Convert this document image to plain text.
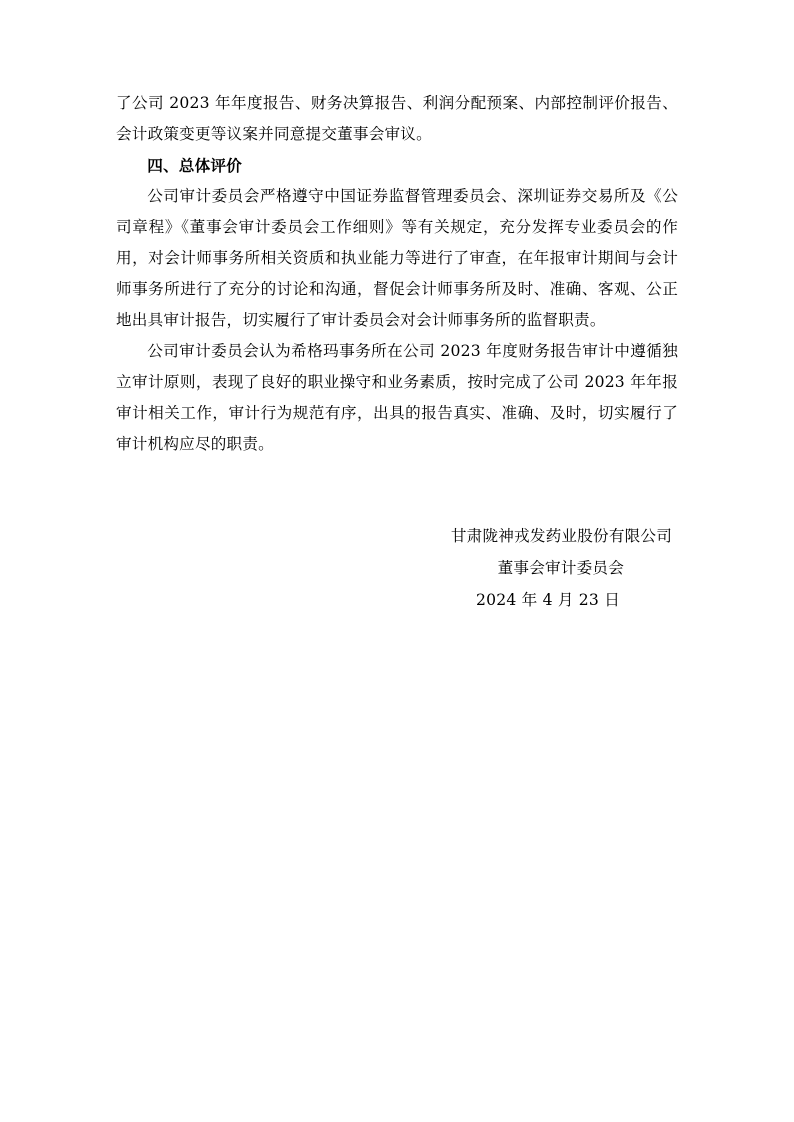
了公司 2023 年年度报告、财务决算报告、利润分配预案、内部控制评价报告、会计政策变更等议案并同意提交董事会审议。

四、总体评价

公司审计委员会严格遵守中国证券监督管理委员会、深圳证券交易所及《公司章程》《董事会审计委员会工作细则》等有关规定，充分发挥专业委员会的作用，对会计师事务所相关资质和执业能力等进行了审查，在年报审计期间与会计师事务所进行了充分的讨论和沟通，督促会计师事务所及时、准确、客观、公正地出具审计报告，切实履行了审计委员会对会计师事务所的监督职责。

公司审计委员会认为希格玛事务所在公司 2023 年度财务报告审计中遵循独立审计原则，表现了良好的职业操守和业务素质，按时完成了公司 2023 年年报审计相关工作，审计行为规范有序，出具的报告真实、准确、及时，切实履行了审计机构应尽的职责。

甘肃陇神戎发药业股份有限公司
董事会审计委员会
2024 年 4 月 23 日
